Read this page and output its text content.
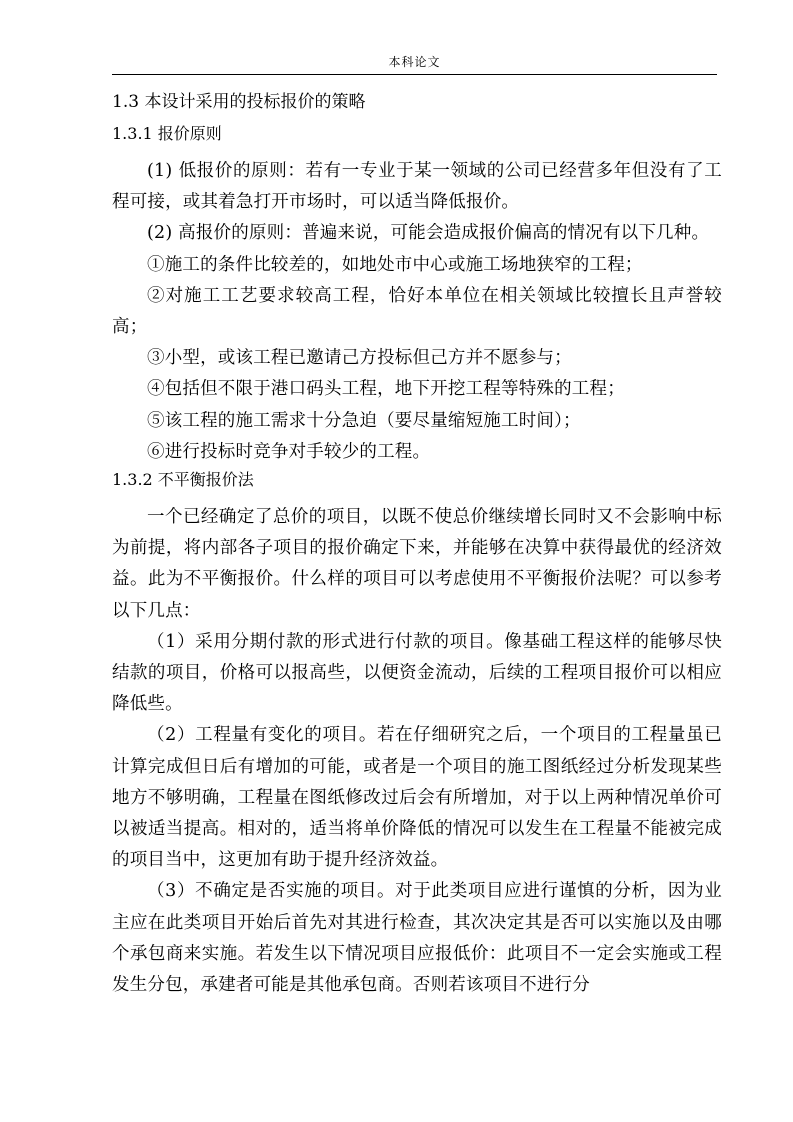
本科论文
1.3 本设计采用的投标报价的策略
1.3.1 报价原则

(1) 低报价的原则：若有一专业于某一领域的公司已经营多年但没有了工程可接，或其着急打开市场时，可以适当降低报价。

(2) 高报价的原则：普遍来说，可能会造成报价偏高的情况有以下几种。

①施工的条件比较差的，如地处市中心或施工场地狭窄的工程；

②对施工工艺要求较高工程，恰好本单位在相关领域比较擅长且声誉较高；

③小型，或该工程已邀请己方投标但己方并不愿参与；

④包括但不限于港口码头工程，地下开挖工程等特殊的工程；

⑤该工程的施工需求十分急迫（要尽量缩短施工时间）；

⑥进行投标时竞争对手较少的工程。

1.3.2 不平衡报价法

一个已经确定了总价的项目，以既不使总价继续增长同时又不会影响中标为前提，将内部各子项目的报价确定下来，并能够在决算中获得最优的经济效益。此为不平衡报价。什么样的项目可以考虑使用不平衡报价法呢？可以参考以下几点：

（1）采用分期付款的形式进行付款的项目。像基础工程这样的能够尽快结款的项目，价格可以报高些，以便资金流动，后续的工程项目报价可以相应降低些。

（2）工程量有变化的项目。若在仔细研究之后，一个项目的工程量虽已计算完成但日后有增加的可能，或者是一个项目的施工图纸经过分析发现某些地方不够明确，工程量在图纸修改过后会有所增加，对于以上两种情况单价可以被适当提高。相对的，适当将单价降低的情况可以发生在工程量不能被完成的项目当中，这更加有助于提升经济效益。

（3）不确定是否实施的项目。对于此类项目应进行谨慎的分析，因为业主应在此类项目开始后首先对其进行检查，其次决定其是否可以实施以及由哪个承包商来实施。若发生以下情况项目应报低价：此项目不一定会实施或工程发生分包，承建者可能是其他承包商。否则若该项目不进行分
